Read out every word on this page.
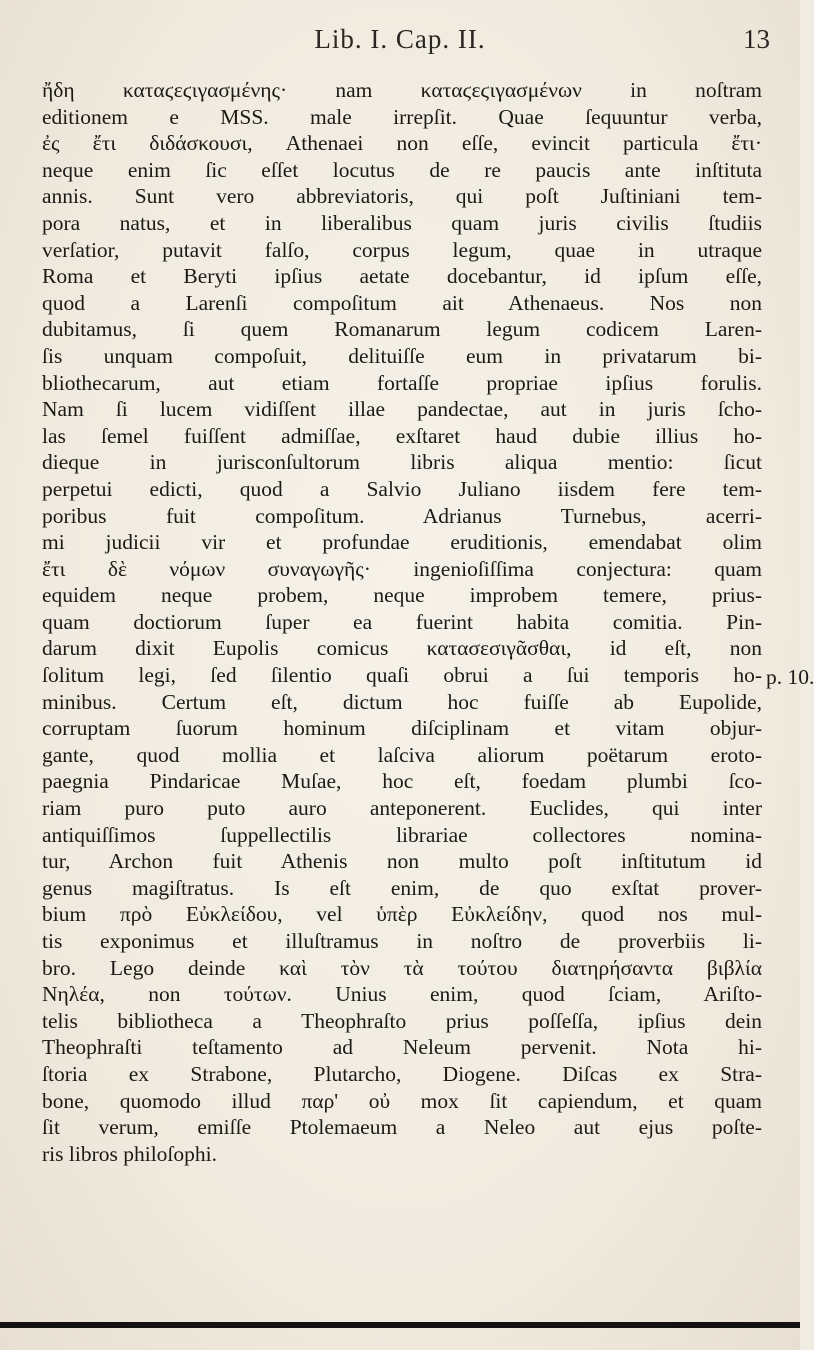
Lib. I. Cap. II.	13
ἤδη καταϛεϛιγασμένης· nam καταϛεϛιγασμένων in noſtram
editionem e MSS. male irrepſit. Quae ſequuntur verba,
ἐς ἔτι διδάσκουσι, Athenaei non eſſe, evincit particula ἔτι·
neque enim ſic eſſet locutus de re paucis ante inſtituta
annis. Sunt vero abbreviatoris, qui poſt Juſtiniani tem-
pora natus, et in liberalibus quam juris civilis ſtudiis
verſatior, putavit falſo, corpus legum, quae in utraque
Roma et Beryti ipſius aetate docebantur, id ipſum eſſe,
quod a Larenſi compoſitum ait Athenaeus. Nos non
dubitamus, ſi quem Romanarum legum codicem Laren-
ſis unquam compoſuit, delituiſſe eum in privatarum bi-
bliothecarum, aut etiam fortaſſe propriae ipſius forulis.
Nam ſi lucem vidiſſent illae pandectae, aut in juris ſcho-
las ſemel fuiſſent admiſſae, exſtaret haud dubie illius ho-
dieque in jurisconſultorum libris aliqua mentio: ſicut
perpetui edicti, quod a Salvio Juliano iisdem fere tem-
poribus fuit compoſitum. Adrianus Turnebus, acerri-
mi judicii vir et profundae eruditionis, emendabat olim
ἔτι δὲ νόμων συναγωγῆς· ingenioſiſſima conjectura: quam
equidem neque probem, neque improbem temere, prius-
quam doctiorum ſuper ea fuerint habita comitia. Pin-
darum dixit Eupolis comicus κατασεσιγᾶσθαι, id eſt, non
ſolitum legi, ſed ſilentio quaſi obrui a ſui temporis ho-
minibus. Certum eſt, dictum hoc fuiſſe ab Eupolide,
corruptam ſuorum hominum diſciplinam et vitam objur-
gante, quod mollia et laſciva aliorum poëtarum eroto-
paegnia Pindaricae Muſae, hoc eſt, foedam plumbi ſco-
riam puro puto auro anteponerent. Euclides, qui inter
antiquiſſimos ſuppellectilis librariae collectores nomina-
tur, Archon fuit Athenis non multo poſt inſtitutum id
genus magiſtratus. Is eſt enim, de quo exſtat prover-
bium πρὸ Εὐκλείδου, vel ὑπὲρ Εὐκλείδην, quod nos mul-
tis exponimus et illuſtramus in noſtro de proverbiis li-
bro. Lego deinde καὶ τὸν τὰ τούτου διατηρήσαντα βιβλία
Νηλέα, non τούτων. Unius enim, quod ſciam, Ariſto-
telis bibliotheca a Theophraſto prius poſſeſſa, ipſius dein
Theophraſti teſtamento ad Neleum pervenit. Nota hi-
ſtoria ex Strabone, Plutarcho, Diogene. Diſcas ex Stra-
bone, quomodo illud παρ' οὐ mox ſit capiendum, et quam
ſit verum, emiſſe Ptolemaeum a Neleo aut ejus poſte-
ris libros philoſophi.
p. 10.
